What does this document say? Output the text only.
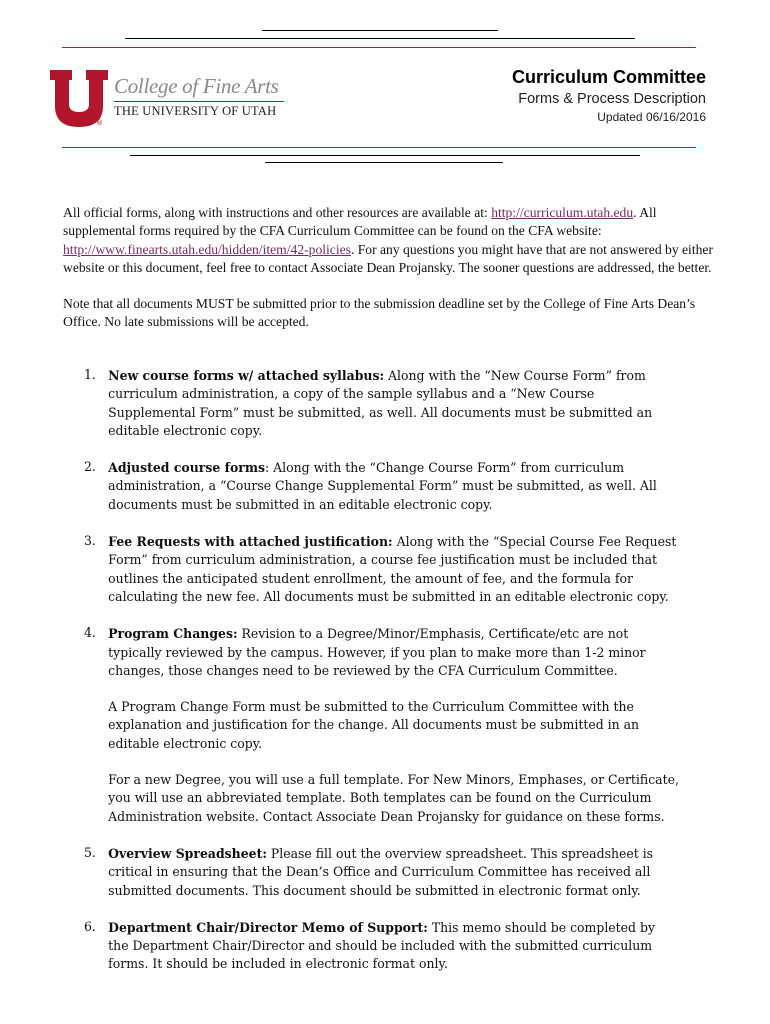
®
College of Fine Arts
THE UNIVERSITY OF UTAH
Curriculum Committee
Forms & Process Description
Updated 06/16/2016

All official forms, along with instructions and other resources are available at: http://curriculum.utah.edu. All supplemental forms required by the CFA Curriculum Committee can be found on the CFA website: http://www.finearts.utah.edu/hidden/item/42-policies. For any questions you might have that are not answered by either website or this document, feel free to contact Associate Dean Projansky. The sooner questions are addressed, the better.

Note that all documents MUST be submitted prior to the submission deadline set by the College of Fine Arts Dean’s Office. No late submissions will be accepted.

1. New course forms w/ attached syllabus: Along with the “New Course Form” from curriculum administration, a copy of the sample syllabus and a “New Course Supplemental Form” must be submitted, as well. All documents must be submitted an editable electronic copy.

2. Adjusted course forms: Along with the “Change Course Form” from curriculum administration, a “Course Change Supplemental Form” must be submitted, as well. All documents must be submitted in an editable electronic copy.

3. Fee Requests with attached justification: Along with the “Special Course Fee Request Form” from curriculum administration, a course fee justification must be included that outlines the anticipated student enrollment, the amount of fee, and the formula for calculating the new fee. All documents must be submitted in an editable electronic copy.

4. Program Changes: Revision to a Degree/Minor/Emphasis, Certificate/etc are not typically reviewed by the campus. However, if you plan to make more than 1-2 minor changes, those changes need to be reviewed by the CFA Curriculum Committee.

A Program Change Form must be submitted to the Curriculum Committee with the explanation and justification for the change. All documents must be submitted in an editable electronic copy.

For a new Degree, you will use a full template. For New Minors, Emphases, or Certificate, you will use an abbreviated template. Both templates can be found on the Curriculum Administration website. Contact Associate Dean Projansky for guidance on these forms.

5. Overview Spreadsheet: Please fill out the overview spreadsheet. This spreadsheet is critical in ensuring that the Dean’s Office and Curriculum Committee has received all submitted documents. This document should be submitted in electronic format only.

6. Department Chair/Director Memo of Support: This memo should be completed by the Department Chair/Director and should be included with the submitted curriculum forms. It should be included in electronic format only.
